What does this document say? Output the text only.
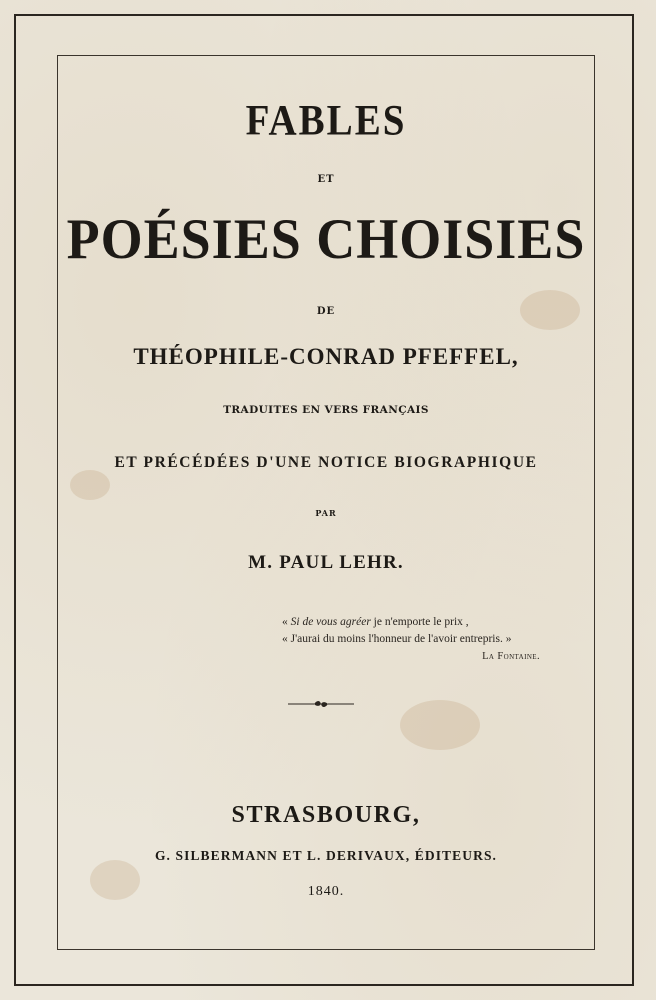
FABLES
ET
POÉSIES CHOISIES
DE
THÉOPHILE-CONRAD PFEFFEL,
TRADUITES EN VERS FRANÇAIS
ET PRÉCÉDÉES D'UNE NOTICE BIOGRAPHIQUE
PAR
M. PAUL LEHR.
« Si de vous agréer je n'emporte le prix ,
« J'aurai du moins l'honneur de l'avoir entrepris. »
La Fontaine.
STRASBOURG,
G. SILBERMANN ET L. DERIVAUX, ÉDITEURS.
1840.
